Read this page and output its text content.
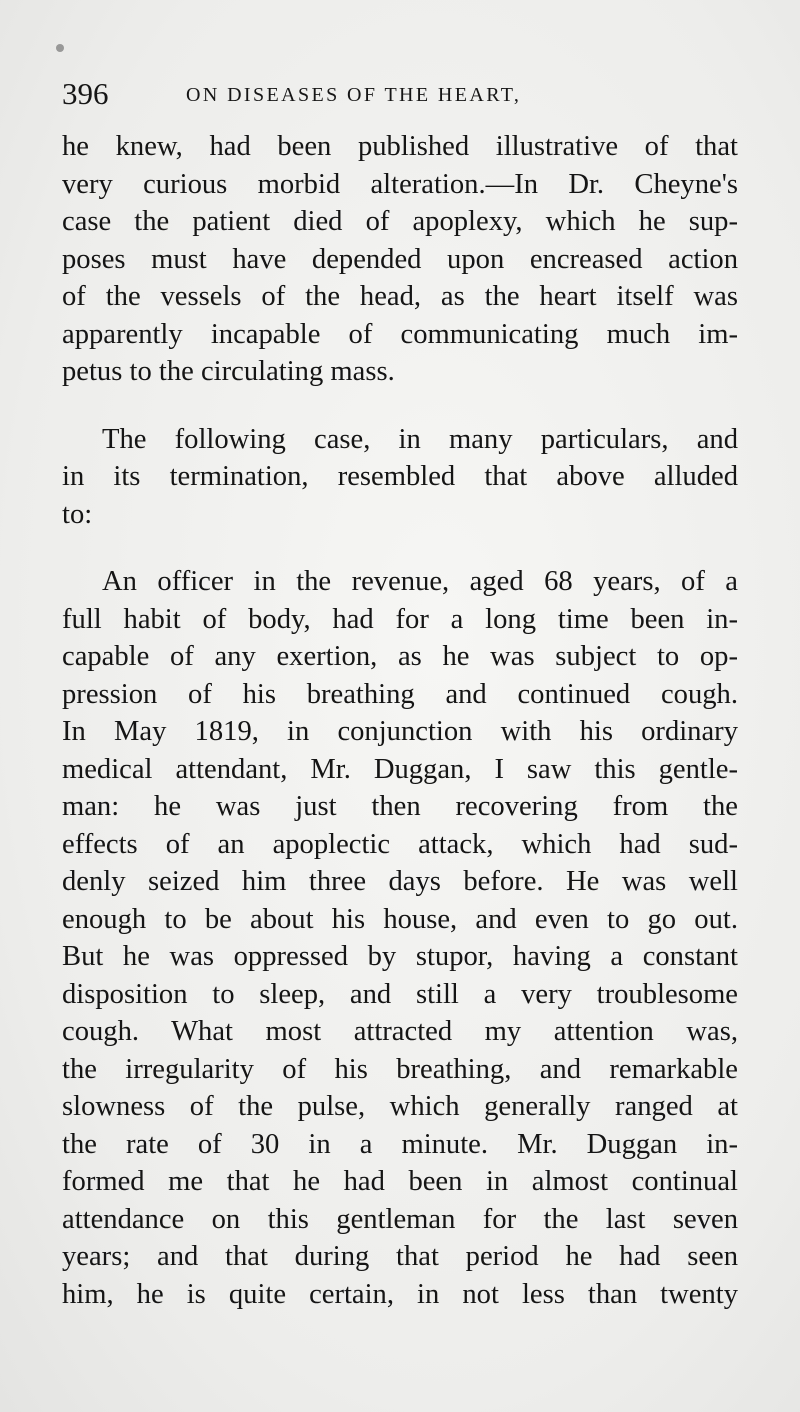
396	ON DISEASES OF THE HEART,

he knew, had been published illustrative of that
very curious morbid alteration.—In Dr. Cheyne's
case the patient died of apoplexy, which he sup-
poses must have depended upon encreased action
of the vessels of the head, as the heart itself was
apparently incapable of communicating much im-
petus to the circulating mass.

The following case, in many particulars, and
in its termination, resembled that above alluded
to:

An officer in the revenue, aged 68 years, of a
full habit of body, had for a long time been in-
capable of any exertion, as he was subject to op-
pression of his breathing and continued cough.
In May 1819, in conjunction with his ordinary
medical attendant, Mr. Duggan, I saw this gentle-
man: he was just then recovering from the
effects of an apoplectic attack, which had sud-
denly seized him three days before. He was well
enough to be about his house, and even to go out.
But he was oppressed by stupor, having a constant
disposition to sleep, and still a very troublesome
cough. What most attracted my attention was,
the irregularity of his breathing, and remarkable
slowness of the pulse, which generally ranged at
the rate of 30 in a minute. Mr. Duggan in-
formed me that he had been in almost continual
attendance on this gentleman for the last seven
years; and that during that period he had seen
him, he is quite certain, in not less than twenty
